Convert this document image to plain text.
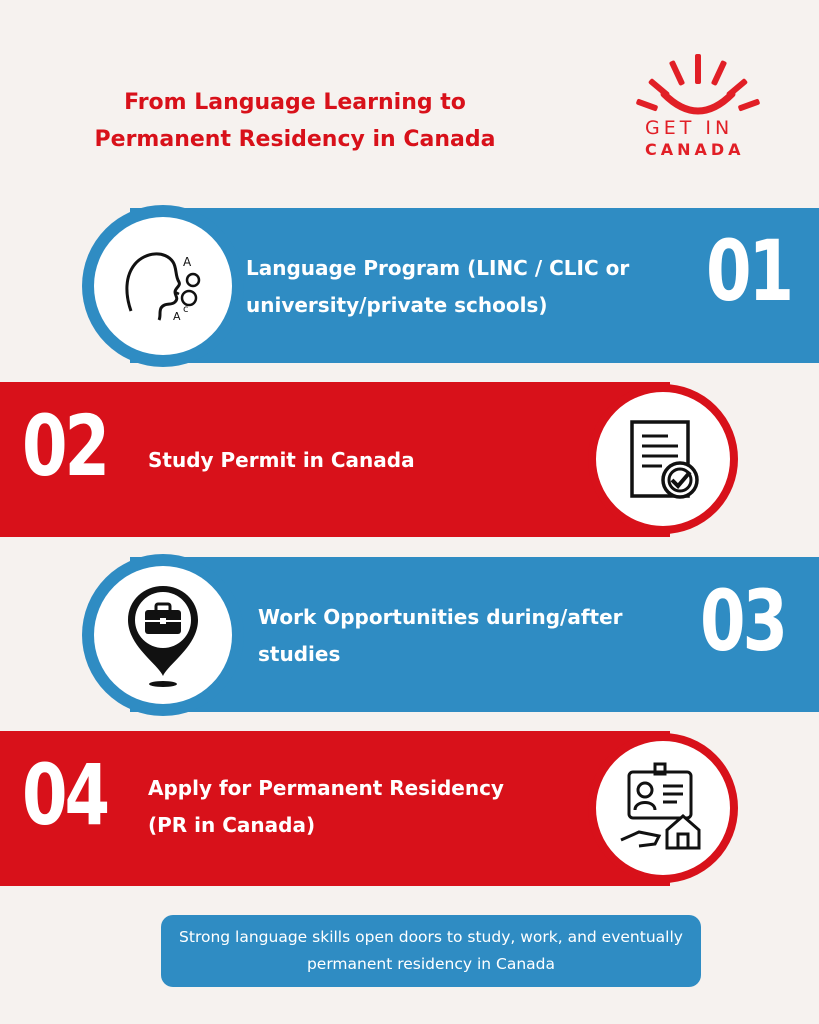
From Language Learning to
Permanent Residency in Canada	GET IN
CANADA
A
A
c
Language Program (LINC / CLIC or
university/private schools)	01
Study Permit in Canada
02
Work Opportunities during/after
studies	03
Apply for Permanent Residency
(PR in Canada)
04
Strong language skills open doors to study, work, and eventually
permanent residency in Canada
